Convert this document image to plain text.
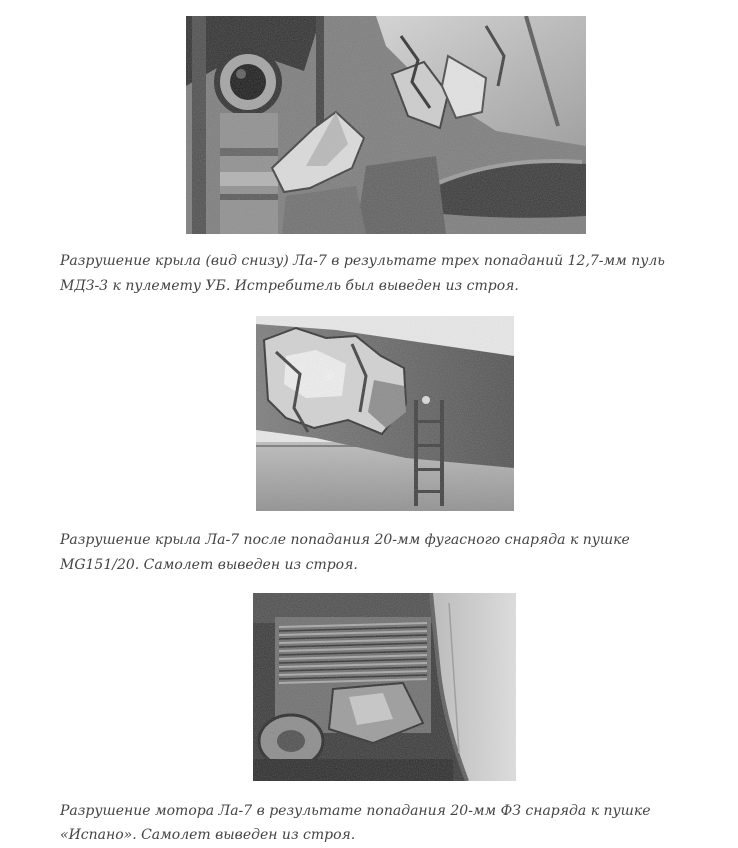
Разрушение крыла (вид снизу) Ла-7 в результате трех попаданий 12,7-мм пуль
МДЗ-3 к пулемету УБ. Истребитель был выведен из строя.

Разрушение крыла Ла-7 после попадания 20-мм фугасного снаряда к пушке
MG151/20. Самолет выведен из строя.

Разрушение мотора Ла-7 в результате попадания 20-мм ФЗ снаряда к пушке
«Испано». Самолет выведен из строя.
